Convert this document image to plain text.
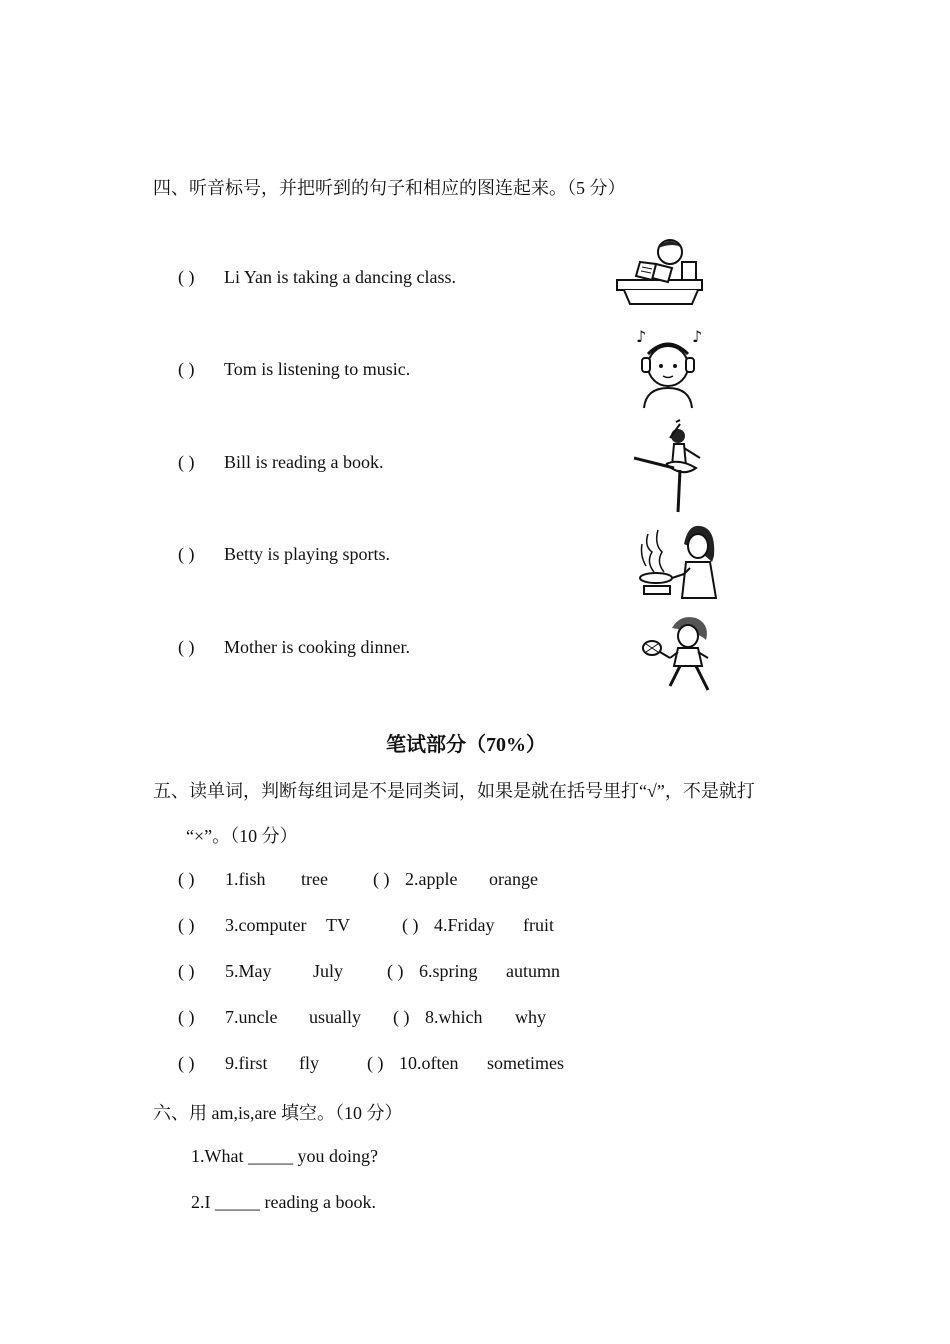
四、听音标号，并把听到的句子和相应的图连起来。（5 分）
( ) Li Yan is taking a dancing class.
( ) Tom is listening to music.
( ) Bill is reading a book.
( ) Betty is playing sports.
( ) Mother is cooking dinner.
♪	♪
笔试部分（70%）
五、读单词，判断每组词是不是同类词，如果是就在括号里打“√”，不是就打
“×”。（10 分）
( ) 1.fish tree	( ) 2.apple orange
( ) 3.computer TV	( ) 4.Friday fruit
( ) 5.May July ( ) 6.spring autumn
( ) 7.uncle usually ( ) 8.which why
( ) 9.first fly	( ) 10.often sometimes
六、用 am,is,are 填空。（10 分）
1.What _____ you doing?
2.I _____ reading a book.
